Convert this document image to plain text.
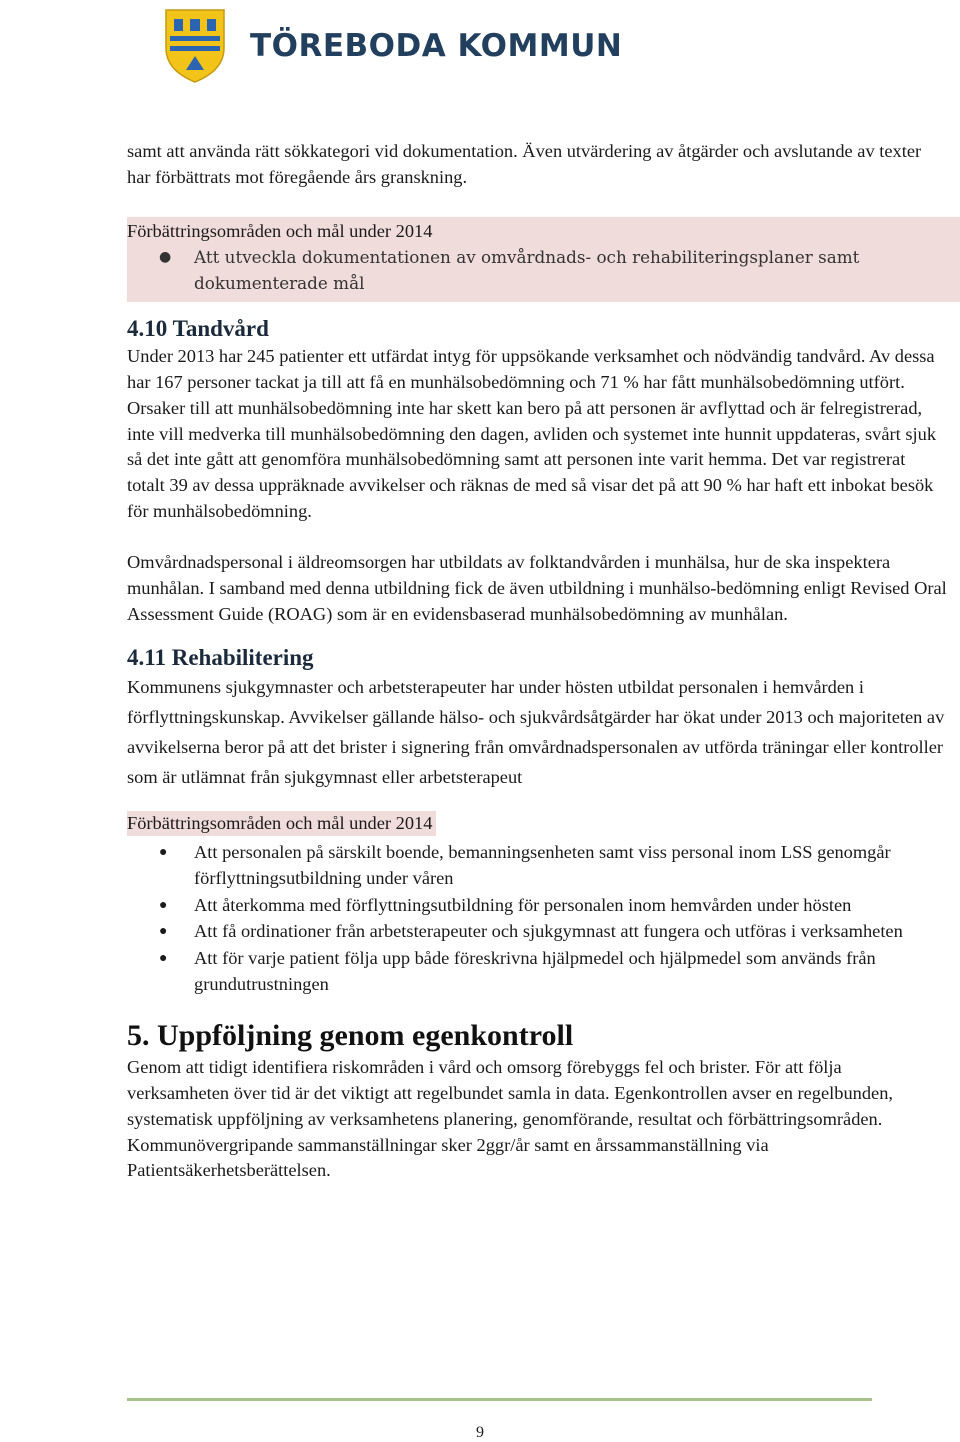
TÖREBODA KOMMUN

samt att använda rätt sökkategori vid dokumentation. Även utvärdering av åtgärder och avslutande av texter har förbättrats mot föregående års granskning.

Förbättringsområden och mål under 2014
● Att utveckla dokumentationen av omvårdnads- och rehabiliteringsplaner samt dokumenterade mål
4.10 Tandvård

Under 2013 har 245 patienter ett utfärdat intyg för uppsökande verksamhet och nödvändig tandvård. Av dessa har 167 personer tackat ja till att få en munhälsobedömning och 71 % har fått munhälsobedömning utfört. Orsaker till att munhälsobedömning inte har skett kan bero på att personen är avflyttad och är felregistrerad, inte vill medverka till munhälsobedömning den dagen, avliden och systemet inte hunnit uppdateras, svårt sjuk så det inte gått att genomföra munhälsobedömning samt att personen inte varit hemma. Det var registrerat totalt 39 av dessa uppräknade avvikelser och räknas de med så visar det på att 90 % har haft ett inbokat besök för munhälsobedömning.

Omvårdnadspersonal i äldreomsorgen har utbildats av folktandvården i munhälsa, hur de ska inspektera munhålan. I samband med denna utbildning fick de även utbildning i munhälso-bedömning enligt Revised Oral Assessment Guide (ROAG) som är en evidensbaserad munhälsobedömning av munhålan.

4.11 Rehabilitering

Kommunens sjukgymnaster och arbetsterapeuter har under hösten utbildat personalen i hemvården i förflyttningskunskap. Avvikelser gällande hälso- och sjukvårdsåtgärder har ökat under 2013 och majoriteten av avvikelserna beror på att det brister i signering från omvårdnadspersonalen av utförda träningar eller kontroller som är utlämnat från sjukgymnast eller arbetsterapeut

Förbättringsområden och mål under 2014
● Att personalen på särskilt boende, bemanningsenheten samt viss personal inom LSS genomgår förflyttningsutbildning under våren
● Att återkomma med förflyttningsutbildning för personalen inom hemvården under hösten
● Att få ordinationer från arbetsterapeuter och sjukgymnast att fungera och utföras i verksamheten
● Att för varje patient följa upp både föreskrivna hjälpmedel och hjälpmedel som används från grundutrustningen
5. Uppföljning genom egenkontroll

Genom att tidigt identifiera riskområden i vård och omsorg förebyggs fel och brister. För att följa verksamheten över tid är det viktigt att regelbundet samla in data. Egenkontrollen avser en regelbunden, systematisk uppföljning av verksamhetens planering, genomförande, resultat och förbättringsområden. Kommunövergripande sammanställningar sker 2ggr/år samt en årssammanställning via Patientsäkerhetsberättelsen.

9
